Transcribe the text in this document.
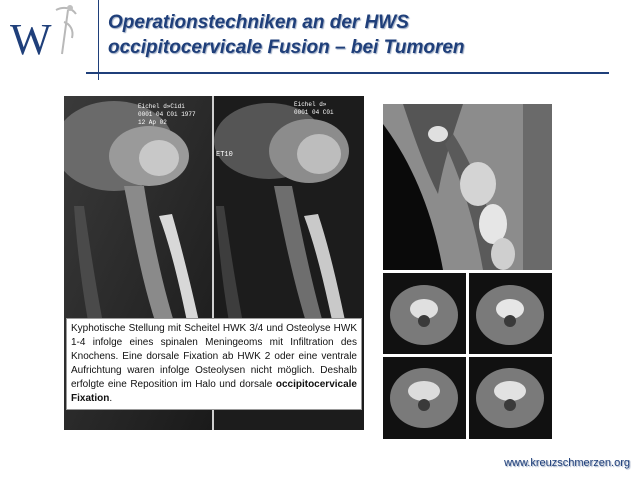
W	Operationstechniken an der HWS
occipitocervicale Fusion – bei Tumoren
Eichel d»Cidi
0001 04 C0i 1977
12 Ap 02
Eichel d»
0001 04 C0i
ET10
Kyphotische Stellung mit Scheitel HWK 3/4 und Osteolyse HWK 1-4 infolge eines spinalen Meningeoms mit Infiltration des Knochens. Eine dorsale Fixation ab HWK 2 oder eine ventrale Aufrichtung waren infolge Osteolysen nicht möglich. Deshalb erfolgte eine Reposition im Halo und dorsale occipitocervicale Fixation.
www.kreuzschmerzen.org
